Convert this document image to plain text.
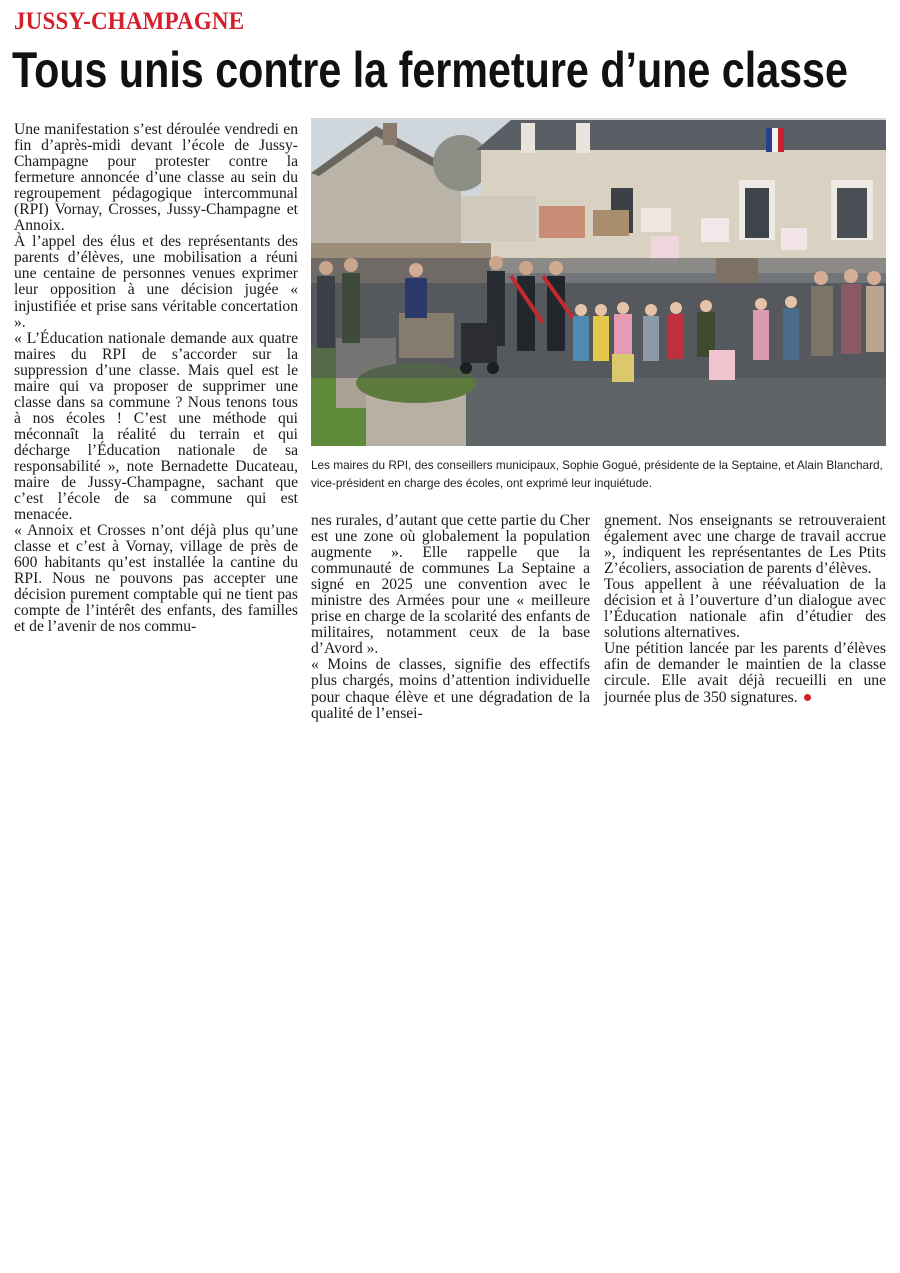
JUSSY-CHAMPAGNE
Tous unis contre la fermeture d’une classe
Les maires du RPI, des conseillers municipaux, Sophie Gogué, présidente de la Septaine, et Alain Blanchard, vice-président en charge des écoles, ont exprimé leur inquiétude.

Une manifestation s’est déroulée vendredi en fin d’après-midi devant l’école de Jussy-Champagne pour protester contre la fermeture annoncée d’une classe au sein du regroupement pédagogique intercommunal (RPI) Vornay, Crosses, Jussy-Champagne et Annoix.

À l’appel des élus et des représentants des parents d’élèves, une mobilisation a réuni une centaine de personnes venues exprimer leur opposition à une décision jugée « injustifiée et prise sans véritable concertation ».

« L’Éducation nationale demande aux quatre maires du RPI de s’accorder sur la suppression d’une classe. Mais quel est le maire qui va proposer de supprimer une classe dans sa commune ? Nous tenons tous à nos écoles ! C’est une méthode qui méconnaît la réalité du terrain et qui décharge l’Éducation nationale de sa responsabilité », note Bernadette Ducateau, maire de Jussy-Champagne, sachant que c’est l’école de sa commune qui est menacée.

« Annoix et Crosses n’ont déjà plus qu’une classe et c’est à Vornay, village de près de 600 habitants qu’est installée la cantine du RPI. Nous ne pouvons pas accepter une décision purement comptable qui ne tient pas compte de l’intérêt des enfants, des familles et de l’avenir de nos commu-

nes rurales, d’autant que cette partie du Cher est une zone où globalement la population augmente ». Elle rappelle que la communauté de communes La Septaine a signé en 2025 une convention avec le ministre des Armées pour une « meilleure prise en charge de la scolarité des enfants de militaires, notamment ceux de la base d’Avord ».

« Moins de classes, signifie des effectifs plus chargés, moins d’attention individuelle pour chaque élève et une dégradation de la qualité de l’ensei-

gnement. Nos enseignants se retrouveraient également avec une charge de travail accrue », indiquent les représentantes de Les Ptits Z’écoliers, association de parents d’élèves.

Tous appellent à une réévaluation de la décision et à l’ouverture d’un dialogue avec l’Éducation nationale afin d’étudier des solutions alternatives.

Une pétition lancée par les parents d’élèves afin de demander le maintien de la classe circule. Elle avait déjà recueilli en une journée plus de 350 signatures.
